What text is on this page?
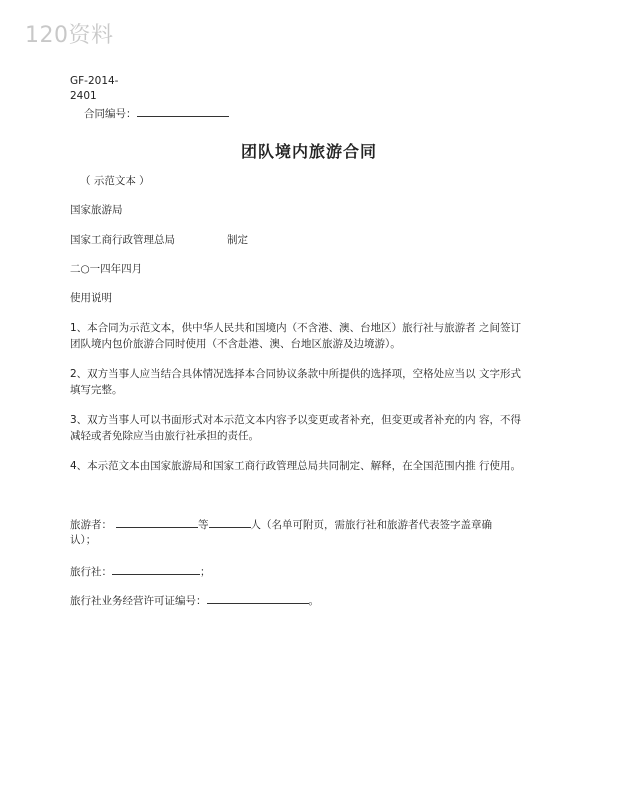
120资料
GF-2014-
2401
合同编号：
团队境内旅游合同
（ 示范文本 ）
国家旅游局
国家工商行政管理总局	制定
二○一四年四月
使用说明
1、本合同为示范文本，供中华人民共和国境内（不含港、澳、台地区）旅行社与旅游者 之间签订团队境内包价旅游合同时使用（不含赴港、澳、台地区旅游及边境游）。
2、双方当事人应当结合具体情况选择本合同协议条款中所提供的选择项，空格处应当以 文字形式填写完整。
3、双方当事人可以书面形式对本示范文本内容予以变更或者补充，但变更或者补充的内 容，不得减轻或者免除应当由旅行社承担的责任。
4、本示范文本由国家旅游局和国家工商行政管理总局共同制定、解释，在全国范围内推 行使用。
旅游者：	等	人（名单可附页，需旅行社和旅游者代表签字盖章确
认）；
旅行社：	；
旅行社业务经营许可证编号：	。
